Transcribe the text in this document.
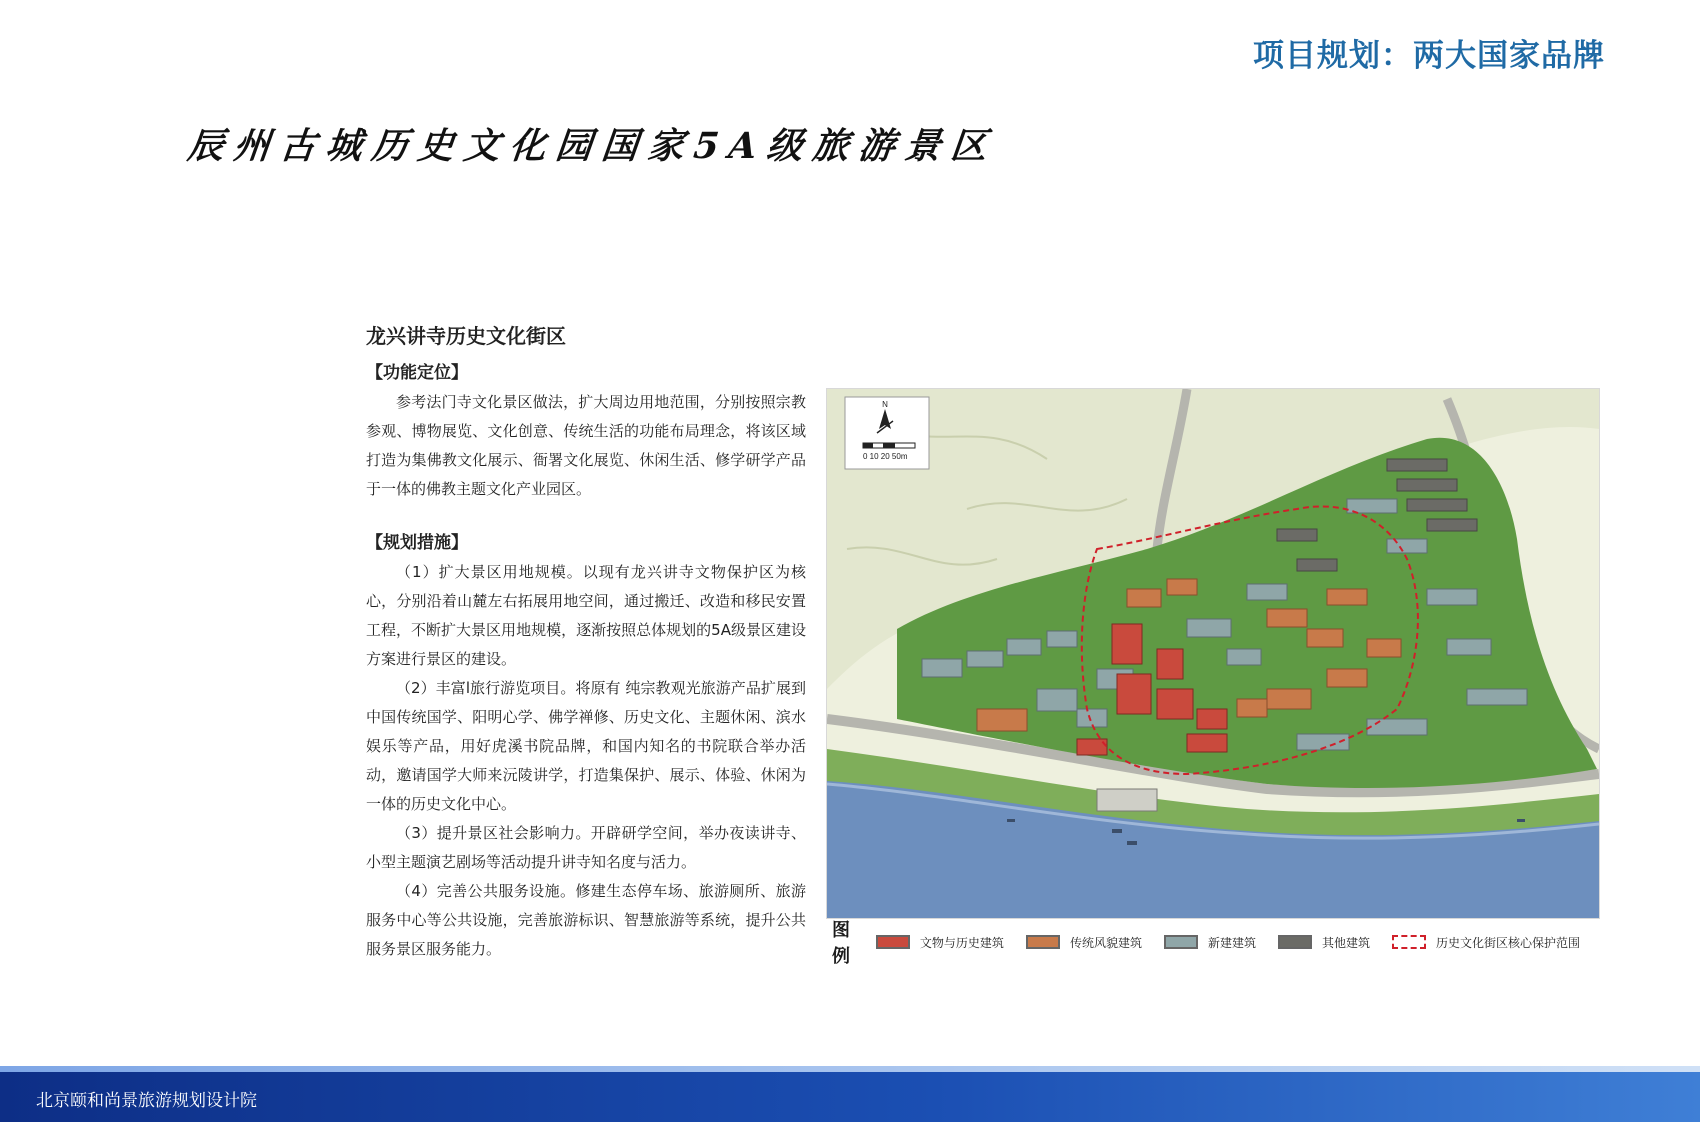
项目规划：两大国家品牌
辰州古城历史文化园国家5A级旅游景区
龙兴讲寺历史文化街区
【功能定位】

参考法门寺文化景区做法，扩大周边用地范围，分别按照宗教参观、博物展览、文化创意、传统生活的功能布局理念，将该区域打造为集佛教文化展示、衙署文化展览、休闲生活、修学研学产品于一体的佛教主题文化产业园区。

【规划措施】

（1）扩大景区用地规模。以现有龙兴讲寺文物保护区为核心，分别沿着山麓左右拓展用地空间，通过搬迁、改造和移民安置工程，不断扩大景区用地规模，逐渐按照总体规划的5A级景区建设方案进行景区的建设。

（2）丰富l旅行游览项目。将原有 纯宗教观光旅游产品扩展到中国传统国学、阳明心学、佛学禅修、历史文化、主题休闲、滨水娱乐等产品，用好虎溪书院品牌，和国内知名的书院联合举办活动，邀请国学大师来沅陵讲学，打造集保护、展示、体验、休闲为一体的历史文化中心。

（3）提升景区社会影响力。开辟研学空间，举办夜读讲寺、小型主题演艺剧场等活动提升讲寺知名度与活力。

（4）完善公共服务设施。修建生态停车场、旅游厕所、旅游服务中心等公共设施，完善旅游标识、智慧旅游等系统，提升公共服务景区服务能力。

N
0 10 20 50m
图例
文物与历史建筑	传统风貌建筑	新建建筑	其他建筑	历史文化街区核心保护范围
北京颐和尚景旅游规划设计院
